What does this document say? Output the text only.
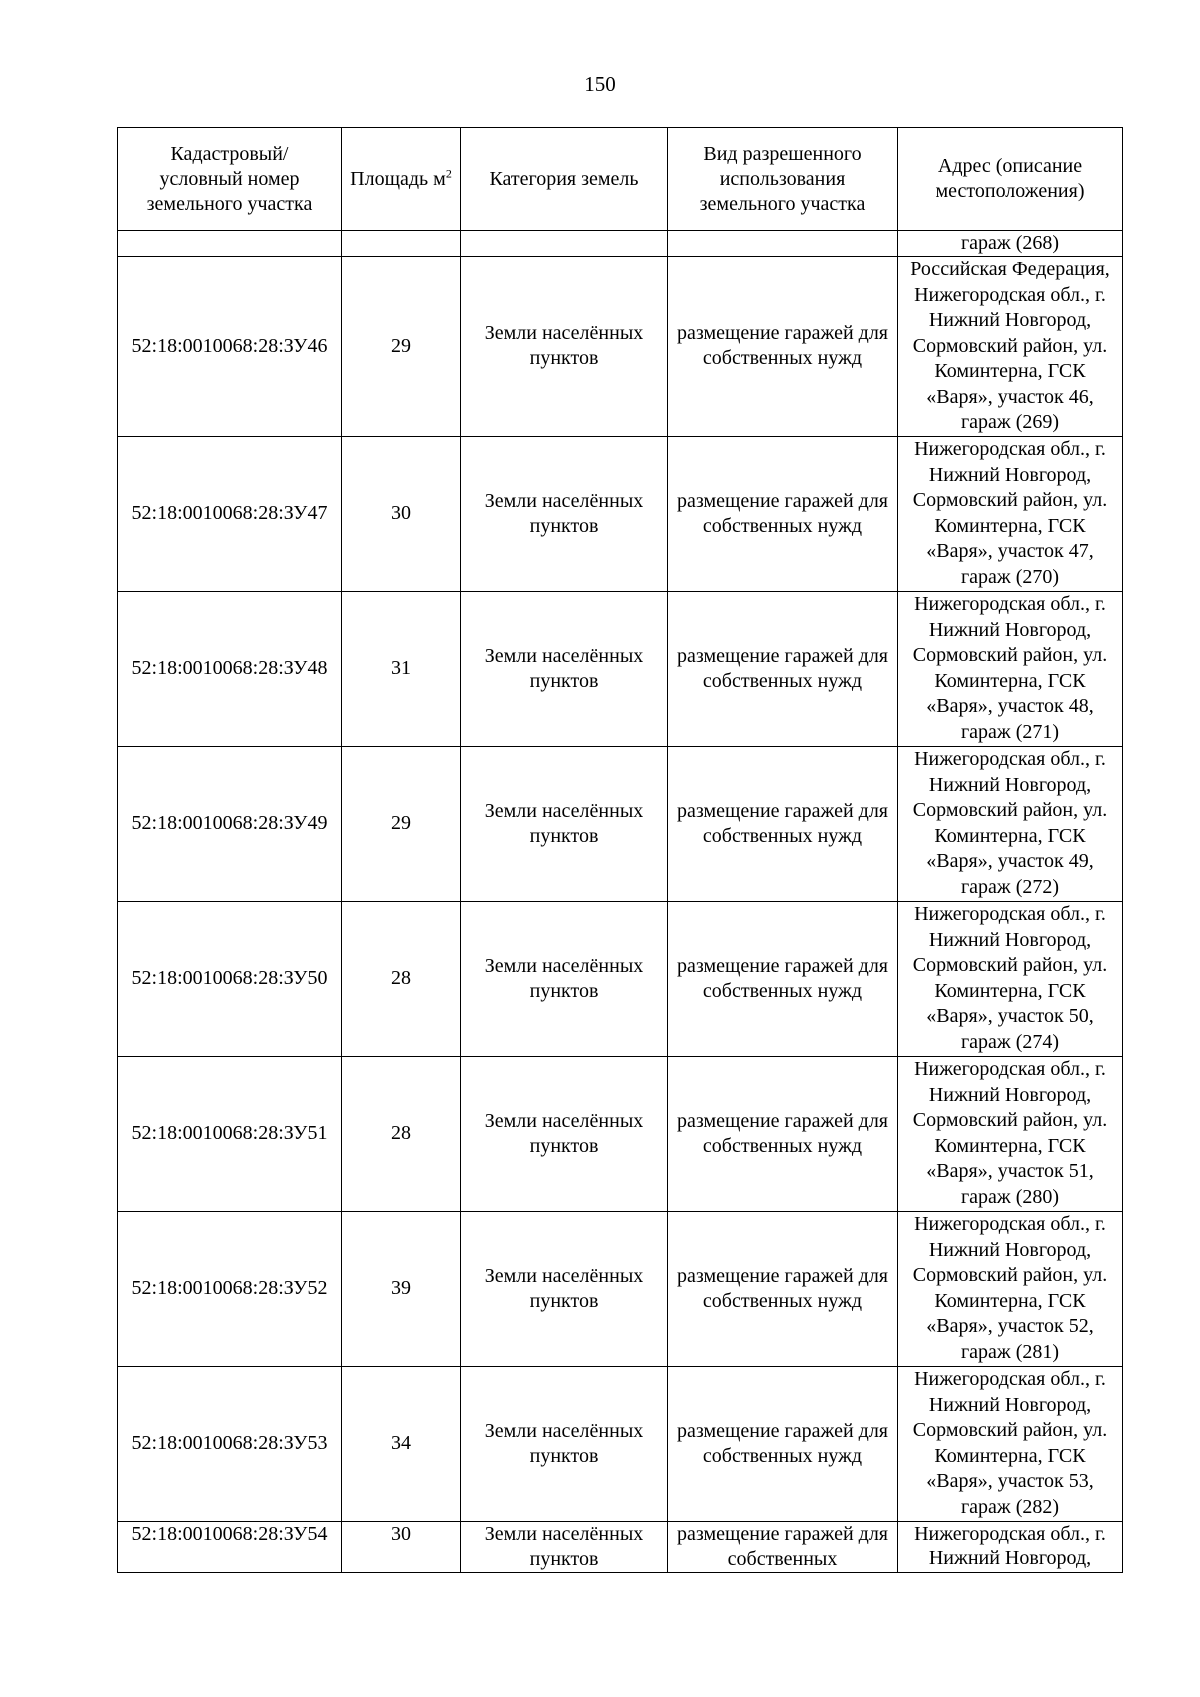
150
Кадастровый/ условный номер земельного участка	Площадь $м^2$	Категория земель	Вид разрешенного использования земельного участка	Адрес (описание местоположения)

				гараж (268)
52:18:0010068:28:ЗУ46	29	Земли населённых пунктов	размещение гаражей для собственных нужд	Российская Федерация, Нижегородская обл., г. Нижний Новгород, Сормовский район, ул. Коминтерна, ГСК «Варя», участок 46, гараж (269)

52:18:0010068:28:ЗУ47	30	Земли населённых пунктов	размещение гаражей для собственных нужд	Нижегородская обл., г. Нижний Новгород, Сормовский район, ул. Коминтерна, ГСК «Варя», участок 47, гараж (270)

52:18:0010068:28:ЗУ48	31	Земли населённых пунктов	размещение гаражей для собственных нужд	Нижегородская обл., г. Нижний Новгород, Сормовский район, ул. Коминтерна, ГСК «Варя», участок 48, гараж (271)

52:18:0010068:28:ЗУ49	29	Земли населённых пунктов	размещение гаражей для собственных нужд	Нижегородская обл., г. Нижний Новгород, Сормовский район, ул. Коминтерна, ГСК «Варя», участок 49, гараж (272)

52:18:0010068:28:ЗУ50	28	Земли населённых пунктов	размещение гаражей для собственных нужд	Нижегородская обл., г. Нижний Новгород, Сормовский район, ул. Коминтерна, ГСК «Варя», участок 50, гараж (274)

52:18:0010068:28:ЗУ51	28	Земли населённых пунктов	размещение гаражей для собственных нужд	Нижегородская обл., г. Нижний Новгород, Сормовский район, ул. Коминтерна, ГСК «Варя», участок 51, гараж (280)

52:18:0010068:28:ЗУ52	39	Земли населённых пунктов	размещение гаражей для собственных нужд	Нижегородская обл., г. Нижний Новгород, Сормовский район, ул. Коминтерна, ГСК «Варя», участок 52, гараж (281)

52:18:0010068:28:ЗУ53	34	Земли населённых пунктов	размещение гаражей для собственных нужд	Нижегородская обл., г. Нижний Новгород, Сормовский район, ул. Коминтерна, ГСК «Варя», участок 53, гараж (282)

52:18:0010068:28:ЗУ54	30	Земли населённых пунктов	размещение гаражей для собственных	Нижегородская обл., г. Нижний Новгород,
